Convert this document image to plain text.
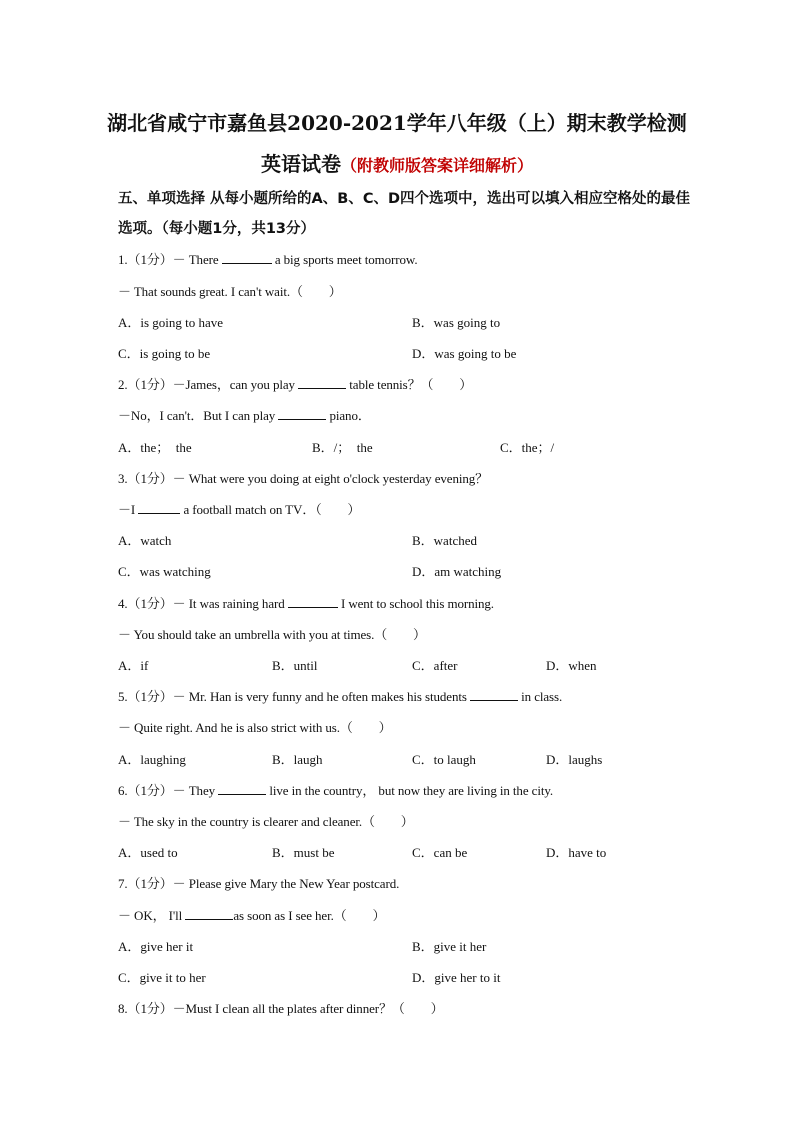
湖北省咸宁市嘉鱼县2020-2021学年八年级（上）期末教学检测
英语试卷（附教师版答案详细解析）
五、单项选择 从每小题所给的A、B、C、D四个选项中，选出可以填入相应空格处的最佳
选项。（每小题1分，共13分）
1.（1分）－ There	a big sports meet tomorrow.
－ That sounds great. I can't wait.（　　）
A．is going to have	B．was going to
C．is going to be	D．was going to be
2.（1分）－James，can you play	table tennis？（　　）
－No，I can't．But I can play	piano．
A．the；　the	B．/；　the	C．the；/
3.（1分）－ What were you doing at eight o'clock yesterday evening？
－I	a football match on TV．（　　）
A．watch	B．watched
C．was watching	D．am watching
4.（1分）－ It was raining hard	I went to school this morning.
－ You should take an umbrella with you at times.（　　）
A．if	B．until	C．after	D．when
5.（1分）－ Mr. Han is very funny and he often makes his students	in class.
－ Quite right. And he is also strict with us.（　　）
A．laughing	B．laugh	C．to laugh	D．laughs
6.（1分）－ They	live in the country， but now they are living in the city.
－ The sky in the country is clearer and cleaner.（　　）
A．used to	B．must be	C．can be	D．have to
7.（1分）－ Please give Mary the New Year postcard.
－ OK， I'll	as soon as I see her.（　　）
A．give her it	B．give it her
C．give it to her	D．give her to it
8.（1分）－Must I clean all the plates after dinner？（　　）
